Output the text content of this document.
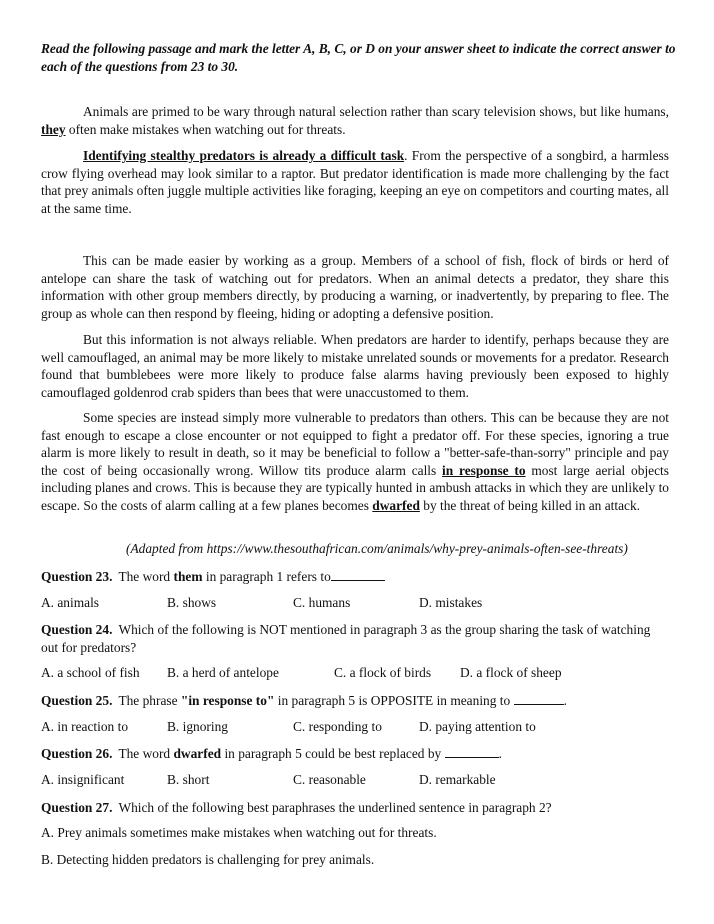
Read the following passage and mark the letter A, B, C, or D on your answer sheet to indicate the correct answer to each of the questions from 23 to 30.
Animals are primed to be wary through natural selection rather than scary television shows, but like humans, they often make mistakes when watching out for threats.
Identifying stealthy predators is already a difficult task. From the perspective of a songbird, a harmless crow flying overhead may look similar to a raptor. But predator identification is made more challenging by the fact that prey animals often juggle multiple activities like foraging, keeping an eye on competitors and courting mates, all at the same time.
This can be made easier by working as a group. Members of a school of fish, flock of birds or herd of antelope can share the task of watching out for predators. When an animal detects a predator, they share this information with other group members directly, by producing a warning, or inadvertently, by preparing to flee. The group as whole can then respond by fleeing, hiding or adopting a defensive position.
But this information is not always reliable. When predators are harder to identify, perhaps because they are well camouflaged, an animal may be more likely to mistake unrelated sounds or movements for a predator. Research found that bumblebees were more likely to produce false alarms having previously been exposed to highly camouflaged goldenrod crab spiders than bees that were unaccustomed to them.
Some species are instead simply more vulnerable to predators than others. This can be because they are not fast enough to escape a close encounter or not equipped to fight a predator off. For these species, ignoring a true alarm is more likely to result in death, so it may be beneficial to follow a "better-safe-than-sorry" principle and pay the cost of being occasionally wrong. Willow tits produce alarm calls in response to most large aerial objects including planes and crows. This is because they are typically hunted in ambush attacks in which they are unlikely to escape. So the costs of alarm calling at a few planes becomes dwarfed by the threat of being killed in an attack.
(Adapted from https://www.thesouthafrican.com/animals/why-prey-animals-often-see-threats)
Question 23. The word them in paragraph 1 refers to
A. animals	B. shows	C. humans	D. mistakes
Question 24. Which of the following is NOT mentioned in paragraph 3 as the group sharing the task of watching out for predators?
A. a school of fish B. a herd of antelope	C. a flock of birds D. a flock of sheep
Question 25. The phrase "in response to" in paragraph 5 is OPPOSITE in meaning to	.
A. in reaction to	B. ignoring	C. responding to	D. paying attention to
Question 26. The word dwarfed in paragraph 5 could be best replaced by	.
A. insignificant	B. short	C. reasonable	D. remarkable
Question 27. Which of the following best paraphrases the underlined sentence in paragraph 2?
A. Prey animals sometimes make mistakes when watching out for threats.
B. Detecting hidden predators is challenging for prey animals.
